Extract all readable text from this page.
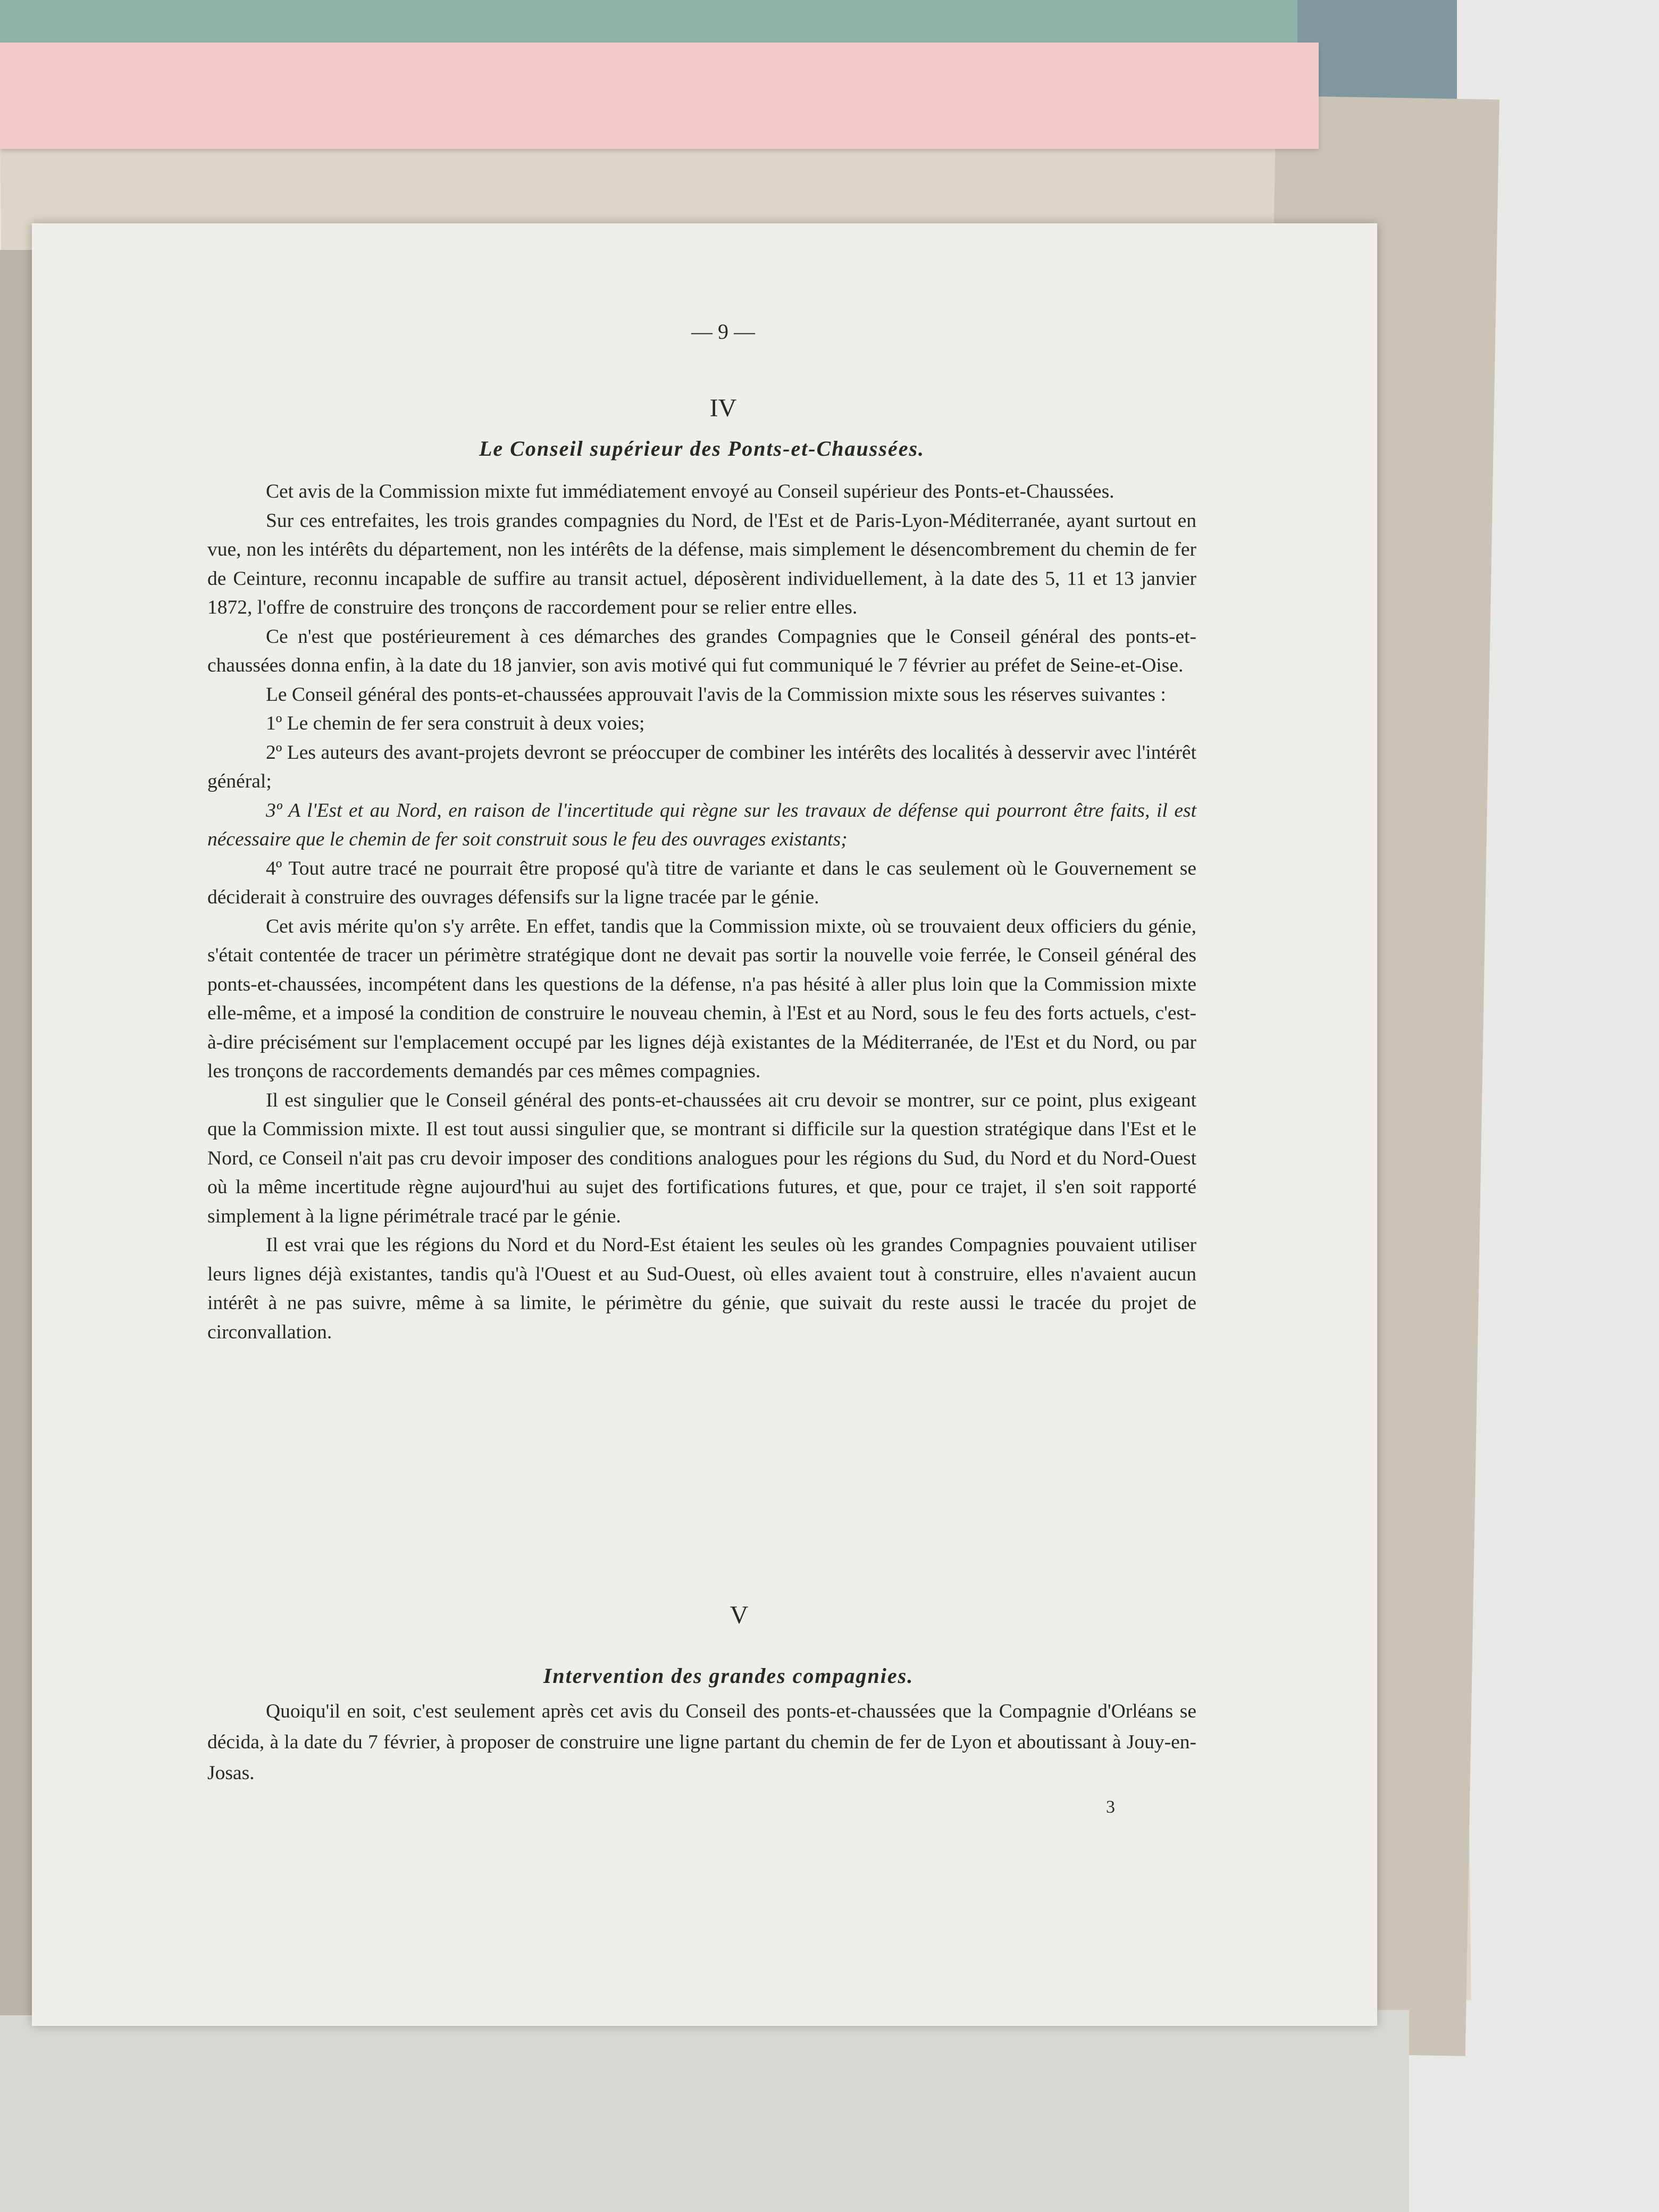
— 9 —
IV
Le Conseil supérieur des Ponts-et-Chaussées.

Cet avis de la Commission mixte fut immédiatement envoyé au Conseil supérieur des Ponts-et-Chaussées.

Sur ces entrefaites, les trois grandes compagnies du Nord, de l'Est et de Paris-Lyon-Méditerranée, ayant surtout en vue, non les intérêts du département, non les intérêts de la défense, mais simplement le désencombrement du chemin de fer de Ceinture, reconnu incapable de suffire au transit actuel, déposèrent individuellement, à la date des 5, 11 et 13 janvier 1872, l'offre de construire des tronçons de raccordement pour se relier entre elles.

Ce n'est que postérieurement à ces démarches des grandes Compagnies que le Conseil général des ponts-et-chaussées donna enfin, à la date du 18 janvier, son avis motivé qui fut communiqué le 7 février au préfet de Seine-et-Oise.

Le Conseil général des ponts-et-chaussées approuvait l'avis de la Commission mixte sous les réserves suivantes :

1º Le chemin de fer sera construit à deux voies;

2º Les auteurs des avant-projets devront se préoccuper de combiner les intérêts des localités à desservir avec l'intérêt général;

3º A l'Est et au Nord, en raison de l'incertitude qui règne sur les travaux de défense qui pourront être faits, il est nécessaire que le chemin de fer soit construit sous le feu des ouvrages existants;

4º Tout autre tracé ne pourrait être proposé qu'à titre de variante et dans le cas seulement où le Gouvernement se déciderait à construire des ouvrages défensifs sur la ligne tracée par le génie.

Cet avis mérite qu'on s'y arrête. En effet, tandis que la Commission mixte, où se trouvaient deux officiers du génie, s'était contentée de tracer un périmètre stratégique dont ne devait pas sortir la nouvelle voie ferrée, le Conseil général des ponts-et-chaussées, incompétent dans les questions de la défense, n'a pas hésité à aller plus loin que la Commission mixte elle-même, et a imposé la condition de construire le nouveau chemin, à l'Est et au Nord, sous le feu des forts actuels, c'est-à-dire précisément sur l'emplacement occupé par les lignes déjà existantes de la Méditerranée, de l'Est et du Nord, ou par les tronçons de raccordements demandés par ces mêmes compagnies.

Il est singulier que le Conseil général des ponts-et-chaussées ait cru devoir se montrer, sur ce point, plus exigeant que la Commission mixte. Il est tout aussi singulier que, se montrant si difficile sur la question stratégique dans l'Est et le Nord, ce Conseil n'ait pas cru devoir imposer des conditions analogues pour les régions du Sud, du Nord et du Nord-Ouest où la même incertitude règne aujourd'hui au sujet des fortifications futures, et que, pour ce trajet, il s'en soit rapporté simplement à la ligne périmétrale tracé par le génie.

Il est vrai que les régions du Nord et du Nord-Est étaient les seules où les grandes Compagnies pouvaient utiliser leurs lignes déjà existantes, tandis qu'à l'Ouest et au Sud-Ouest, où elles avaient tout à construire, elles n'avaient aucun intérêt à ne pas suivre, même à sa limite, le périmètre du génie, que suivait du reste aussi le tracée du projet de circonvallation.

V
Intervention des grandes compagnies.

Quoiqu'il en soit, c'est seulement après cet avis du Conseil des ponts-et-chaussées que la Compagnie d'Orléans se décida, à la date du 7 février, à proposer de construire une ligne partant du chemin de fer de Lyon et aboutissant à Jouy-en-Josas.

3
